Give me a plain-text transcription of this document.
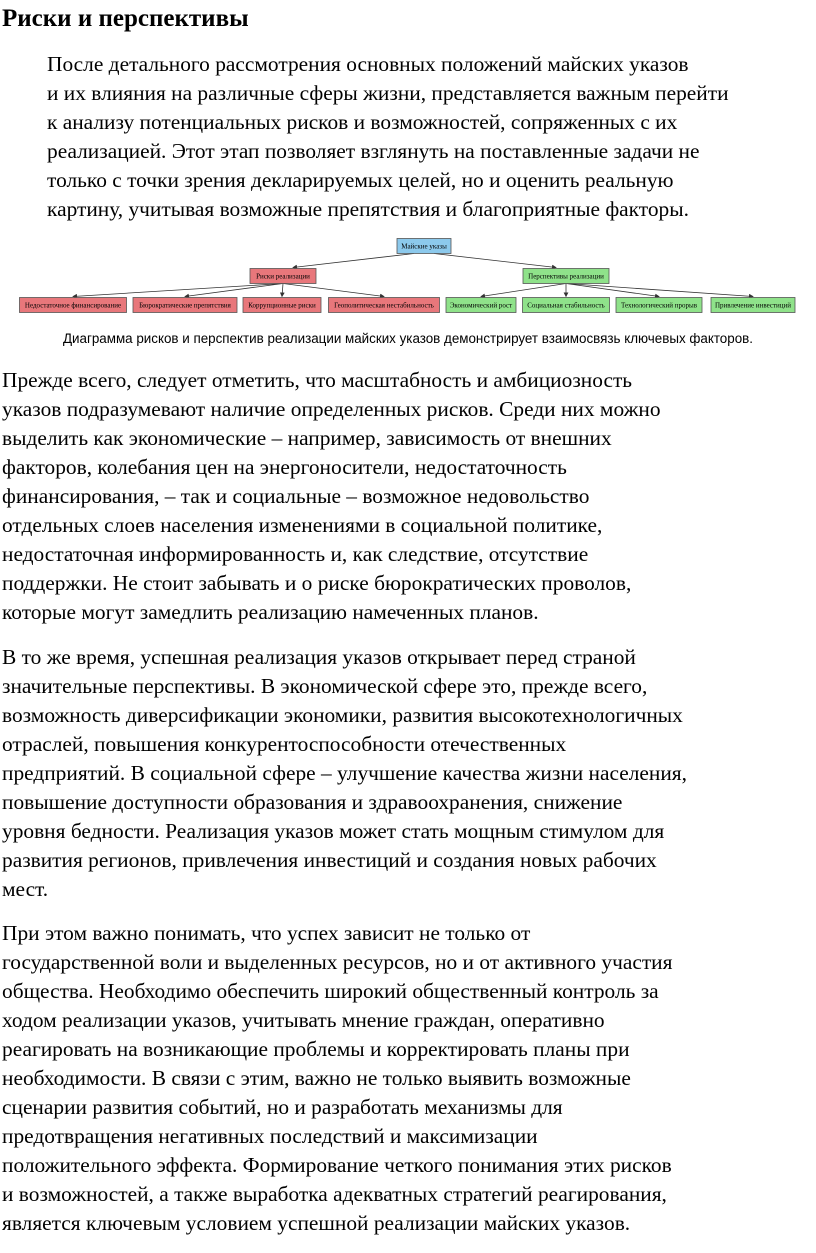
Риски и перспективы

После детального рассмотрения основных положений майских указов
и их влияния на различные сферы жизни, представляется важным перейти
к анализу потенциальных рисков и возможностей, сопряженных с их
реализацией. Этот этап позволяет взглянуть на поставленные задачи не
только с точки зрения декларируемых целей, но и оценить реальную
картину, учитывая возможные препятствия и благоприятные факторы.

Майские указы
Риски реализации	Перспективы реализации
Недостаточное финансирование	Бюрократические препятствия Коррупционные риски	Геополитическая нестабильность Экономический рост Социальная стабильность Технологический прорыв	Привлечение инвестиций
Диаграмма рисков и перспектив реализации майских указов демонстрирует взаимосвязь ключевых факторов.

Прежде всего, следует отметить, что масштабность и амбициозность
указов подразумевают наличие определенных рисков. Среди них можно
выделить как экономические – например, зависимость от внешних
факторов, колебания цен на энергоносители, недостаточность
финансирования, – так и социальные – возможное недовольство
отдельных слоев населения изменениями в социальной политике,
недостаточная информированность и, как следствие, отсутствие
поддержки. Не стоит забывать и о риске бюрократических проволов,
которые могут замедлить реализацию намеченных планов.

В то же время, успешная реализация указов открывает перед страной
значительные перспективы. В экономической сфере это, прежде всего,
возможность диверсификации экономики, развития высокотехнологичных
отраслей, повышения конкурентоспособности отечественных
предприятий. В социальной сфере – улучшение качества жизни населения,
повышение доступности образования и здравоохранения, снижение
уровня бедности. Реализация указов может стать мощным стимулом для
развития регионов, привлечения инвестиций и создания новых рабочих
мест.

При этом важно понимать, что успех зависит не только от
государственной воли и выделенных ресурсов, но и от активного участия
общества. Необходимо обеспечить широкий общественный контроль за
ходом реализации указов, учитывать мнение граждан, оперативно
реагировать на возникающие проблемы и корректировать планы при
необходимости. В связи с этим, важно не только выявить возможные
сценарии развития событий, но и разработать механизмы для
предотвращения негативных последствий и максимизации
положительного эффекта. Формирование четкого понимания этих рисков
и возможностей, а также выработка адекватных стратегий реагирования,
является ключевым условием успешной реализации майских указов.
